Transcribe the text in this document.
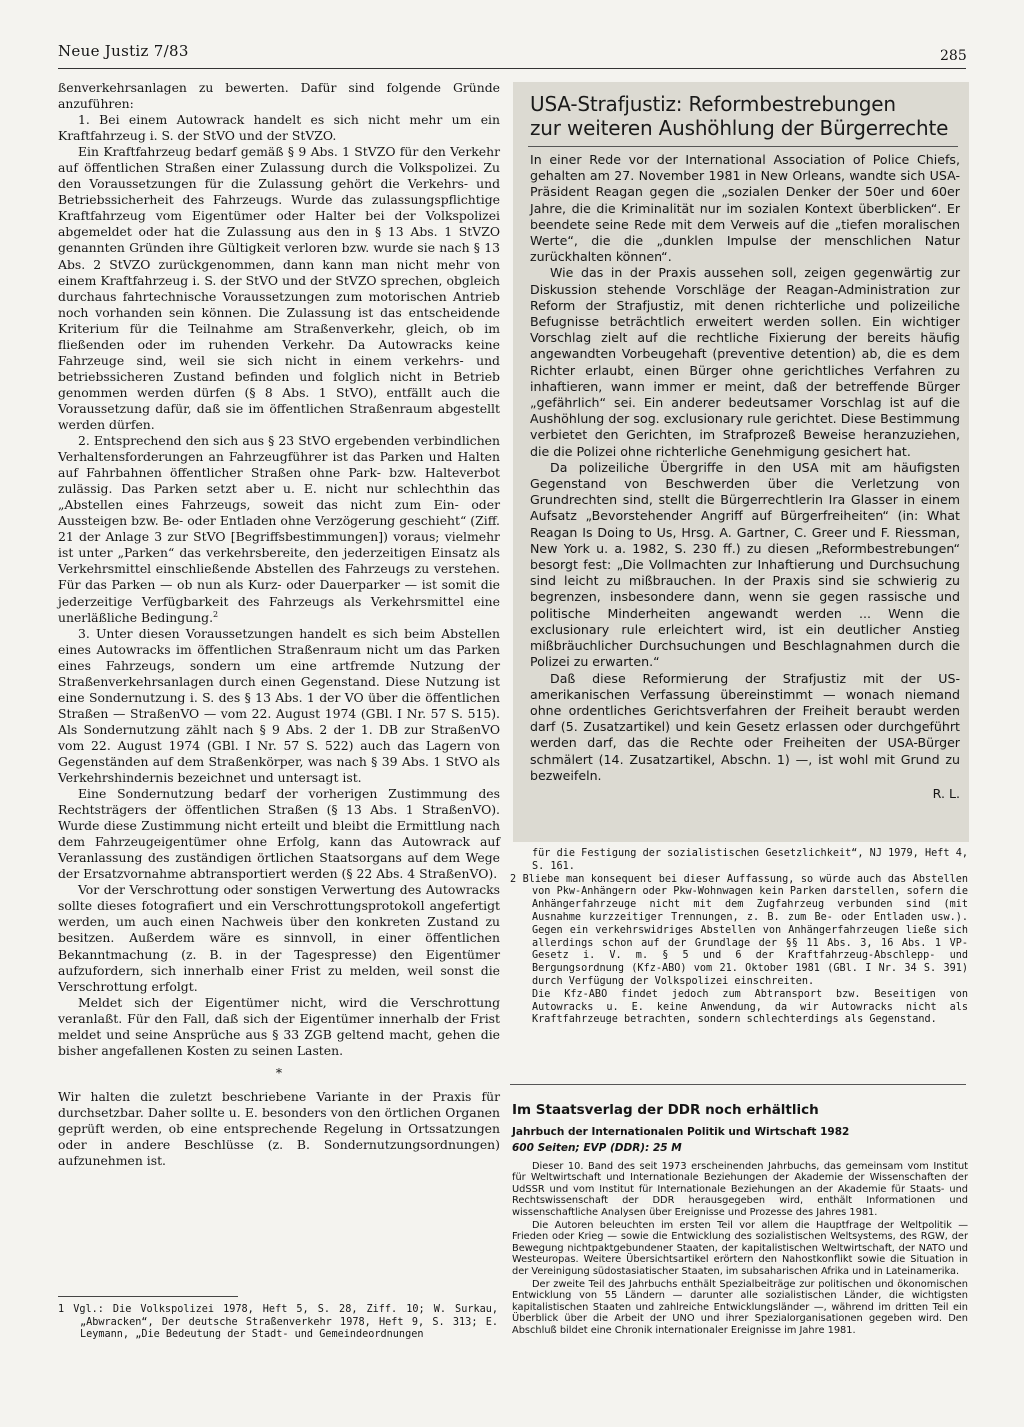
Neue Justiz 7/83	285

ßenverkehrsanlagen zu bewerten. Dafür sind folgende Gründe anzuführen:

1. Bei einem Autowrack handelt es sich nicht mehr um ein Kraftfahrzeug i. S. der StVO und der StVZO.

Ein Kraftfahrzeug bedarf gemäß § 9 Abs. 1 StVZO für den Verkehr auf öffentlichen Straßen einer Zulassung durch die Volkspolizei. Zu den Voraussetzungen für die Zulassung gehört die Verkehrs- und Betriebssicherheit des Fahrzeugs. Wurde das zulassungspflichtige Kraftfahrzeug vom Eigentümer oder Halter bei der Volkspolizei abgemeldet oder hat die Zulassung aus den in § 13 Abs. 1 StVZO genannten Gründen ihre Gültigkeit verloren bzw. wurde sie nach § 13 Abs. 2 StVZO zurückgenommen, dann kann man nicht mehr von einem Kraftfahrzeug i. S. der StVO und der StVZO sprechen, obgleich durchaus fahrtechnische Voraussetzungen zum motorischen Antrieb noch vorhanden sein können. Die Zulassung ist das entscheidende Kriterium für die Teilnahme am Straßenverkehr, gleich, ob im fließenden oder im ruhenden Verkehr. Da Autowracks keine Fahrzeuge sind, weil sie sich nicht in einem verkehrs- und betriebssicheren Zustand befinden und folglich nicht in Betrieb genommen werden dürfen (§ 8 Abs. 1 StVO), entfällt auch die Voraussetzung dafür, daß sie im öffentlichen Straßenraum abgestellt werden dürfen.

2. Entsprechend den sich aus § 23 StVO ergebenden verbindlichen Verhaltensforderungen an Fahrzeugführer ist das Parken und Halten auf Fahrbahnen öffentlicher Straßen ohne Park- bzw. Halteverbot zulässig. Das Parken setzt aber u. E. nicht nur schlechthin das „Abstellen eines Fahrzeugs, soweit das nicht zum Ein- oder Aussteigen bzw. Be- oder Entladen ohne Verzögerung geschieht“ (Ziff. 21 der Anlage 3 zur StVO [Begriffsbestimmungen]) voraus; vielmehr ist unter „Parken“ das verkehrsbereite, den jederzeitigen Einsatz als Verkehrsmittel einschließende Abstellen des Fahrzeugs zu verstehen. Für das Parken — ob nun als Kurz- oder Dauerparker — ist somit die jederzeitige Verfügbarkeit des Fahrzeugs als Verkehrsmittel eine unerläßliche Bedingung.$^2$

3. Unter diesen Voraussetzungen handelt es sich beim Abstellen eines Autowracks im öffentlichen Straßenraum nicht um das Parken eines Fahrzeugs, sondern um eine artfremde Nutzung der Straßenverkehrsanlagen durch einen Gegenstand. Diese Nutzung ist eine Sondernutzung i. S. des § 13 Abs. 1 der VO über die öffentlichen Straßen — StraßenVO — vom 22. August 1974 (GBl. I Nr. 57 S. 515). Als Sondernutzung zählt nach § 9 Abs. 2 der 1. DB zur StraßenVO vom 22. August 1974 (GBl. I Nr. 57 S. 522) auch das Lagern von Gegenständen auf dem Straßenkörper, was nach § 39 Abs. 1 StVO als Verkehrshindernis bezeichnet und untersagt ist.

Eine Sondernutzung bedarf der vorherigen Zustimmung des Rechtsträgers der öffentlichen Straßen (§ 13 Abs. 1 StraßenVO). Wurde diese Zustimmung nicht erteilt und bleibt die Ermittlung nach dem Fahrzeugeigentümer ohne Erfolg, kann das Autowrack auf Veranlassung des zuständigen örtlichen Staatsorgans auf dem Wege der Ersatzvornahme abtransportiert werden (§ 22 Abs. 4 StraßenVO).

Vor der Verschrottung oder sonstigen Verwertung des Autowracks sollte dieses fotografiert und ein Verschrottungsprotokoll angefertigt werden, um auch einen Nachweis über den konkreten Zustand zu besitzen. Außerdem wäre es sinnvoll, in einer öffentlichen Bekanntmachung (z. B. in der Tagespresse) den Eigentümer aufzufordern, sich innerhalb einer Frist zu melden, weil sonst die Verschrottung erfolgt.

Meldet sich der Eigentümer nicht, wird die Verschrottung veranlaßt. Für den Fall, daß sich der Eigentümer innerhalb der Frist meldet und seine Ansprüche aus § 33 ZGB geltend macht, gehen die bisher angefallenen Kosten zu seinen Lasten.

*

Wir halten die zuletzt beschriebene Variante in der Praxis für durchsetzbar. Daher sollte u. E. besonders von den örtlichen Organen geprüft werden, ob eine entsprechende Regelung in Ortssatzungen oder in andere Beschlüsse (z. B. Sondernutzungsordnungen) aufzunehmen ist.

1 Vgl.: Die Volkspolizei 1978, Heft 5, S. 28, Ziff. 10; W. Surkau, „Abwracken“, Der deutsche Straßenverkehr 1978, Heft 9, S. 313; E. Leymann, „Die Bedeutung der Stadt- und Gemeindeordnungen

USA-Strafjustiz: Reformbestrebungen
zur weiteren Aushöhlung der Bürgerrechte

In einer Rede vor der International Association of Police Chiefs, gehalten am 27. November 1981 in New Orleans, wandte sich USA-Präsident Reagan gegen die „sozialen Denker der 50er und 60er Jahre, die die Kriminalität nur im sozialen Kontext überblicken“. Er beendete seine Rede mit dem Verweis auf die „tiefen moralischen Werte“, die die „dunklen Impulse der menschlichen Natur zurückhalten können“.

Wie das in der Praxis aussehen soll, zeigen gegenwärtig zur Diskussion stehende Vorschläge der Reagan-Administration zur Reform der Strafjustiz, mit denen richterliche und polizeiliche Befugnisse beträchtlich erweitert werden sollen. Ein wichtiger Vorschlag zielt auf die rechtliche Fixierung der bereits häufig angewandten Vorbeugehaft (preventive detention) ab, die es dem Richter erlaubt, einen Bürger ohne gerichtliches Verfahren zu inhaftieren, wann immer er meint, daß der betreffende Bürger „gefährlich“ sei. Ein anderer bedeutsamer Vorschlag ist auf die Aushöhlung der sog. exclusionary rule gerichtet. Diese Bestimmung verbietet den Gerichten, im Strafprozeß Beweise heranzuziehen, die die Polizei ohne richterliche Genehmigung gesichert hat.

Da polizeiliche Übergriffe in den USA mit am häufigsten Gegenstand von Beschwerden über die Verletzung von Grundrechten sind, stellt die Bürgerrechtlerin Ira Glasser in einem Aufsatz „Bevorstehender Angriff auf Bürgerfreiheiten“ (in: What Reagan Is Doing to Us, Hrsg. A. Gartner, C. Greer und F. Riessman, New York u. a. 1982, S. 230 ff.) zu diesen „Reformbestrebungen“ besorgt fest: „Die Vollmachten zur Inhaftierung und Durchsuchung sind leicht zu mißbrauchen. In der Praxis sind sie schwierig zu begrenzen, insbesondere dann, wenn sie gegen rassische und politische Minderheiten angewandt werden ... Wenn die exclusionary rule erleichtert wird, ist ein deutlicher Anstieg mißbräuchlicher Durchsuchungen und Beschlagnahmen durch die Polizei zu erwarten.“

Daß diese Reformierung der Strafjustiz mit der US-amerikanischen Verfassung übereinstimmt — wonach niemand ohne ordentliches Gerichtsverfahren der Freiheit beraubt werden darf (5. Zusatzartikel) und kein Gesetz erlassen oder durchgeführt werden darf, das die Rechte oder Freiheiten der USA-Bürger schmälert (14. Zusatzartikel, Abschn. 1) —, ist wohl mit Grund zu bezweifeln.

R. L.

für die Festigung der sozialistischen Gesetzlichkeit“, NJ 1979, Heft 4, S. 161.

2 Bliebe man konsequent bei dieser Auffassung, so würde auch das Abstellen von Pkw-Anhängern oder Pkw-Wohnwagen kein Parken darstellen, sofern die Anhängerfahrzeuge nicht mit dem Zugfahrzeug verbunden sind (mit Ausnahme kurzzeitiger Trennungen, z. B. zum Be- oder Entladen usw.). Gegen ein verkehrswidriges Abstellen von Anhängerfahrzeugen ließe sich allerdings schon auf der Grundlage der §§ 11 Abs. 3, 16 Abs. 1 VP-Gesetz i. V. m. § 5 und 6 der Kraftfahrzeug-Abschlepp- und Bergungsordnung (Kfz-ABO) vom 21. Oktober 1981 (GBl. I Nr. 34 S. 391) durch Verfügung der Volkspolizei einschreiten.

Die Kfz-ABO findet jedoch zum Abtransport bzw. Beseitigen von Autowracks u. E. keine Anwendung, da wir Autowracks nicht als Kraftfahrzeuge betrachten, sondern schlechterdings als Gegenstand.

Im Staatsverlag der DDR noch erhältlich
Jahrbuch der Internationalen Politik und Wirtschaft 1982
600 Seiten; EVP (DDR): 25 M

Dieser 10. Band des seit 1973 erscheinenden Jahrbuchs, das gemeinsam vom Institut für Weltwirtschaft und Internationale Beziehungen der Akademie der Wissenschaften der UdSSR und vom Institut für Internationale Beziehungen an der Akademie für Staats- und Rechtswissenschaft der DDR herausgegeben wird, enthält Informationen und wissenschaftliche Analysen über Ereignisse und Prozesse des Jahres 1981.

Die Autoren beleuchten im ersten Teil vor allem die Hauptfrage der Weltpolitik — Frieden oder Krieg — sowie die Entwicklung des sozialistischen Weltsystems, des RGW, der Bewegung nichtpaktgebundener Staaten, der kapitalistischen Weltwirtschaft, der NATO und Westeuropas. Weitere Übersichtsartikel erörtern den Nahostkonflikt sowie die Situation in der Vereinigung südostasiatischer Staaten, im subsaharischen Afrika und in Lateinamerika.

Der zweite Teil des Jahrbuchs enthält Spezialbeiträge zur politischen und ökonomischen Entwicklung von 55 Ländern — darunter alle sozialistischen Länder, die wichtigsten kapitalistischen Staaten und zahlreiche Entwicklungsländer —, während im dritten Teil ein Überblick über die Arbeit der UNO und ihrer Spezialorganisationen gegeben wird. Den Abschluß bildet eine Chronik internationaler Ereignisse im Jahre 1981.
